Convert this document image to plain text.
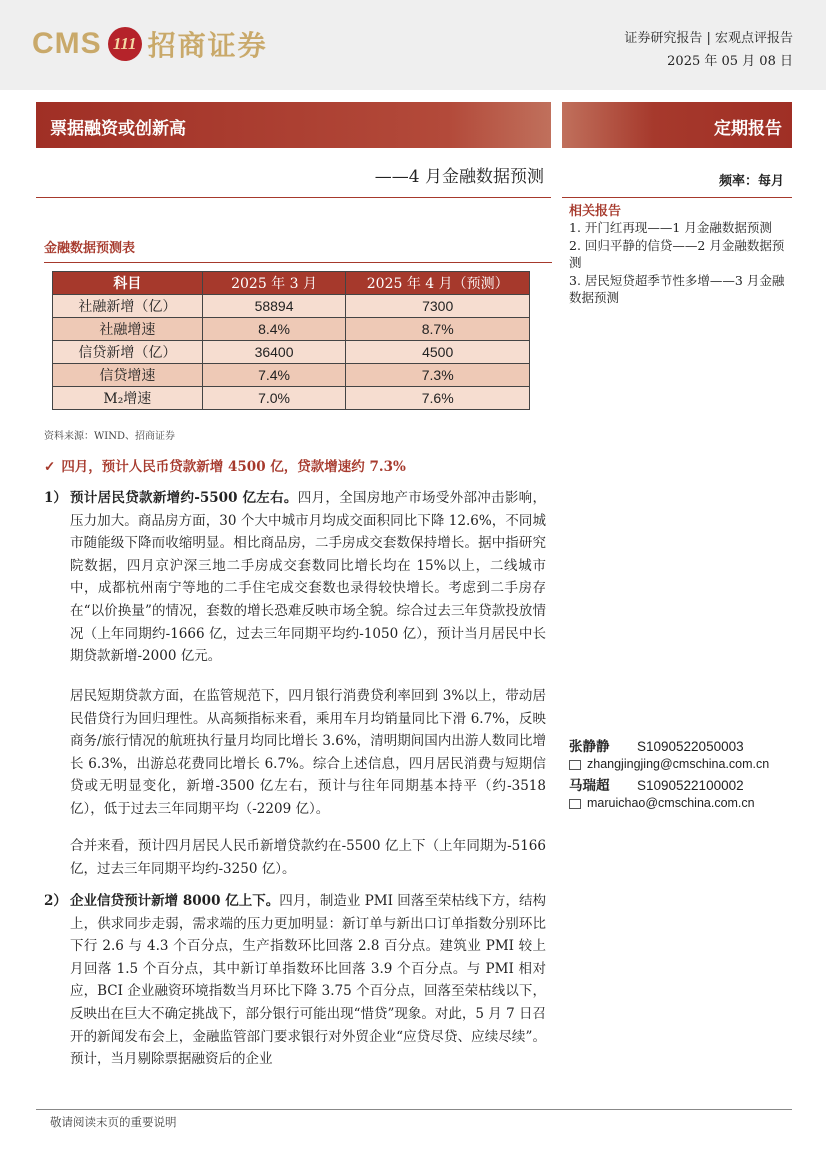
CMS 111 招商证券	证券研究报告 | 宏观点评报告
2025 年 05 月 08 日
票据融资或创新高	定期报告
——4 月金融数据预测	频率：每月
相关报告
1. 开门红再现——1 月金融数据预测
2. 回归平静的信贷——2 月金融数据预测
3. 居民短贷超季节性多增——3 月金融数据预测
金融数据预测表
科目	2025 年 3 月	2025 年 4 月（预测）
社融新增（亿）	58894	7300
社融增速	8.4%	8.7%
信贷新增（亿）	36400	4500
信贷增速	7.4%	7.3%
M₂增速	7.0%	7.6%
资料来源：WIND、招商证券
✓ 四月，预计人民币贷款新增 4500 亿，贷款增速约 7.3%
1） 预计居民贷款新增约-5500 亿左右。四月，全国房地产市场受外部冲击影响，压力加大。商品房方面，30 个大中城市月均成交面积同比下降 12.6%，不同城市随能级下降而收缩明显。相比商品房，二手房成交套数保持增长。据中指研究院数据，四月京沪深三地二手房成交套数同比增长均在 15%以上，二线城市中，成都杭州南宁等地的二手住宅成交套数也录得较快增长。考虑到二手房存在“以价换量”的情况，套数的增长恐难反映市场全貌。综合过去三年贷款投放情况（上年同期约-1666 亿，过去三年同期平均约-1050 亿），预计当月居民中长期贷款新增-2000 亿元。
居民短期贷款方面，在监管规范下，四月银行消费贷利率回到 3%以上，带动居民借贷行为回归理性。从高频指标来看，乘用车月均销量同比下滑 6.7%，反映商务/旅行情况的航班执行量月均同比增长 3.6%，清明期间国内出游人数同比增长 6.3%，出游总花费同比增长 6.7%。综合上述信息，四月居民消费与短期信贷或无明显变化，新增-3500 亿左右，预计与往年同期基本持平（约-3518 亿），低于过去三年同期平均（-2209 亿）。
合并来看，预计四月居民人民币新增贷款约在-5500 亿上下（上年同期为-5166 亿，过去三年同期平均约-3250 亿）。
2） 企业信贷预计新增 8000 亿上下。四月，制造业 PMI 回落至荣枯线下方，结构上，供求同步走弱，需求端的压力更加明显：新订单与新出口订单指数分别环比下行 2.6 与 4.3 个百分点，生产指数环比回落 2.8 百分点。建筑业 PMI 较上月回落 1.5 个百分点，其中新订单指数环比回落 3.9 个百分点。与 PMI 相对应，BCI 企业融资环境指数当月环比下降 3.75 个百分点，回落至荣枯线以下，反映出在巨大不确定挑战下，部分银行可能出现“惜贷”现象。对此，5 月 7 日召开的新闻发布会上，金融监管部门要求银行对外贸企业“应贷尽贷、应续尽续”。预计，当月剔除票据融资后的企业
张静静 S1090522050003
zhangjingjing@cmschina.com.cn
马瑞超 S1090522100002
maruichao@cmschina.com.cn
敬请阅读末页的重要说明
